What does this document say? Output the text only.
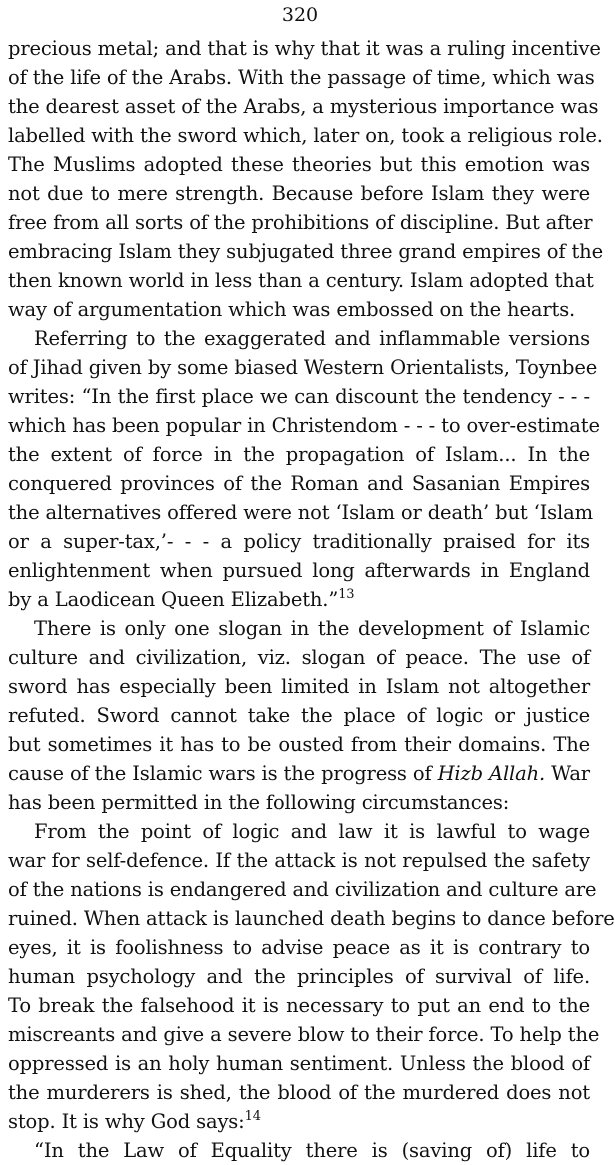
320
precious metal; and that is why that it was a ruling incentive
of the life of the Arabs. With the passage of time, which was
the dearest asset of the Arabs, a mysterious importance was
labelled with the sword which, later on, took a religious role.
The Muslims adopted these theories but this emotion was
not due to mere strength. Because before Islam they were
free from all sorts of the prohibitions of discipline. But after
embracing Islam they subjugated three grand empires of the
then known world in less than a century. Islam adopted that
way of argumentation which was embossed on the hearts.
Referring to the exaggerated and inflammable versions
of Jihad given by some biased Western Orientalists, Toynbee
writes: “In the first place we can discount the tendency - - -
which has been popular in Christendom - - - to over-estimate
the extent of force in the propagation of Islam... In the
conquered provinces of the Roman and Sasanian Empires
the alternatives offered were not ‘Islam or death’ but ‘Islam
or a super-tax,’- - - a policy traditionally praised for its
enlightenment when pursued long afterwards in England
by a Laodicean Queen Elizabeth.”$^{13}$
There is only one slogan in the development of Islamic
culture and civilization, viz. slogan of peace. The use of
sword has especially been limited in Islam not altogether
refuted. Sword cannot take the place of logic or justice
but sometimes it has to be ousted from their domains. The
cause of the Islamic wars is the progress of Hizb Allah. War
has been permitted in the following circumstances:
From the point of logic and law it is lawful to wage
war for self-defence. If the attack is not repulsed the safety
of the nations is endangered and civilization and culture are
ruined. When attack is launched death begins to dance before
eyes, it is foolishness to advise peace as it is contrary to
human psychology and the principles of survival of life.
To break the falsehood it is necessary to put an end to the
miscreants and give a severe blow to their force. To help the
oppressed is an holy human sentiment. Unless the blood of
the murderers is shed, the blood of the murdered does not
stop. It is why God says:$^{14}$
“In the Law of Equality there is (saving of) life to
